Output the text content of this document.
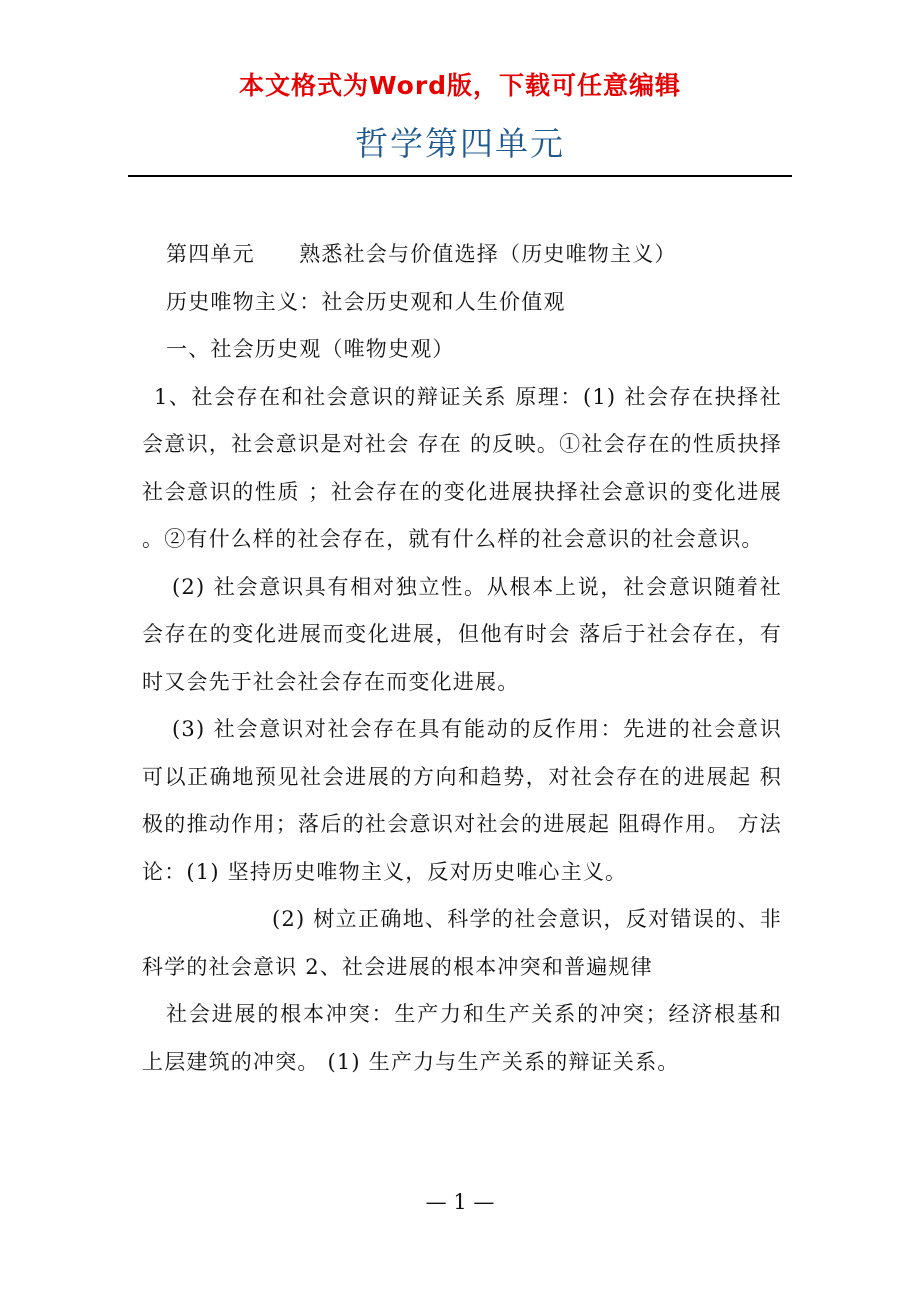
本文格式为Word版，下载可任意编辑
哲学第四单元

第四单元　　熟悉社会与价值选择（历史唯物主义）

历史唯物主义：社会历史观和人生价值观

一、社会历史观（唯物史观）

1、社会存在和社会意识的辩证关系 原理：(1) 社会存在抉择社会意识，社会意识是对社会 存在 的反映。①社会存在的性质抉择 社会意识的性质 ；社会存在的变化进展抉择社会意识的变化进展 。②有什么样的社会存在，就有什么样的社会意识的社会意识。

(2) 社会意识具有相对独立性。从根本上说，社会意识随着社会存在的变化进展而变化进展，但他有时会 落后于社会存在，有时又会先于社会社会存在而变化进展。

(3) 社会意识对社会存在具有能动的反作用：先进的社会意识可以正确地预见社会进展的方向和趋势，对社会存在的进展起 积极的推动作用；落后的社会意识对社会的进展起 阻碍作用。 方法论：(1) 坚持历史唯物主义，反对历史唯心主义。

(2) 树立正确地、科学的社会意识，反对错误的、非科学的社会意识 2、社会进展的根本冲突和普遍规律

社会进展的根本冲突：生产力和生产关系的冲突；经济根基和上层建筑的冲突。 (1) 生产力与生产关系的辩证关系。

— 1 —
